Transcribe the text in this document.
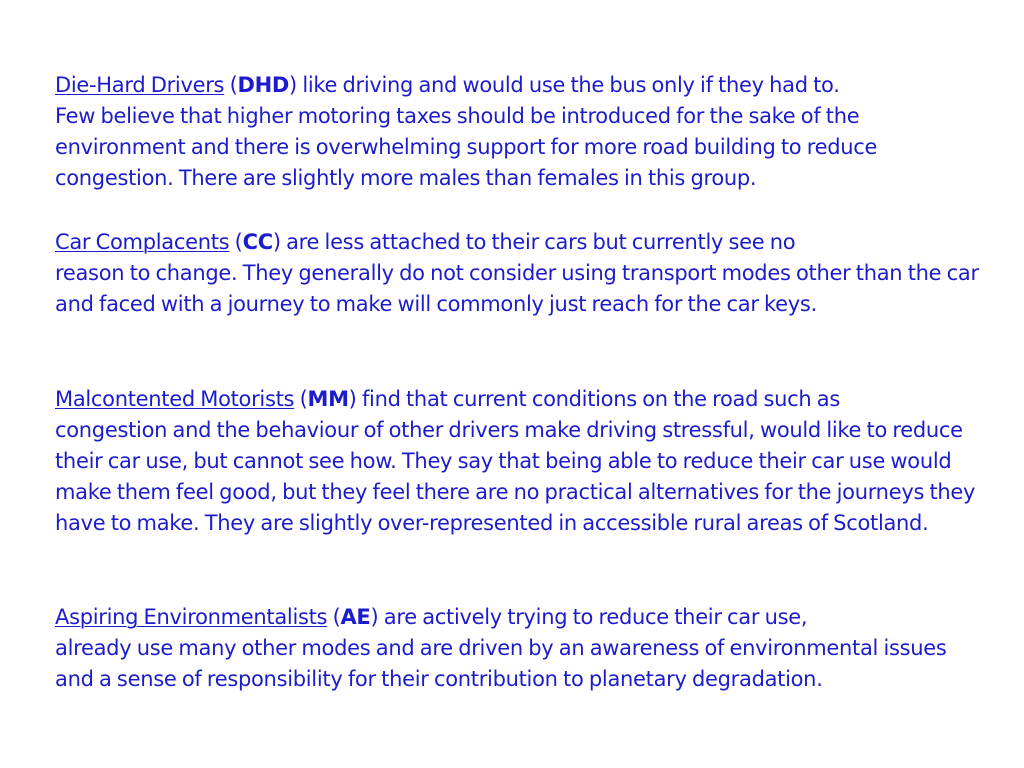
Die-Hard Drivers (DHD) like driving and would use the bus only if they had to.
Few believe that higher motoring taxes should be introduced for the sake of the environment and there is overwhelming support for more road building to reduce congestion. There are slightly more males than females in this group.

Car Complacents (CC) are less attached to their cars but currently see no
reason to change. They generally do not consider using transport modes other than the car and faced with a journey to make will commonly just reach for the car keys.

Malcontented Motorists (MM) find that current conditions on the road such as
congestion and the behaviour of other drivers make driving stressful, would like to reduce their car use, but cannot see how. They say that being able to reduce their car use would make them feel good, but they feel there are no practical alternatives for the journeys they have to make. They are slightly over-represented in accessible rural areas of Scotland.

Aspiring Environmentalists (AE) are actively trying to reduce their car use,
already use many other modes and are driven by an awareness of environmental issues and a sense of responsibility for their contribution to planetary degradation.
